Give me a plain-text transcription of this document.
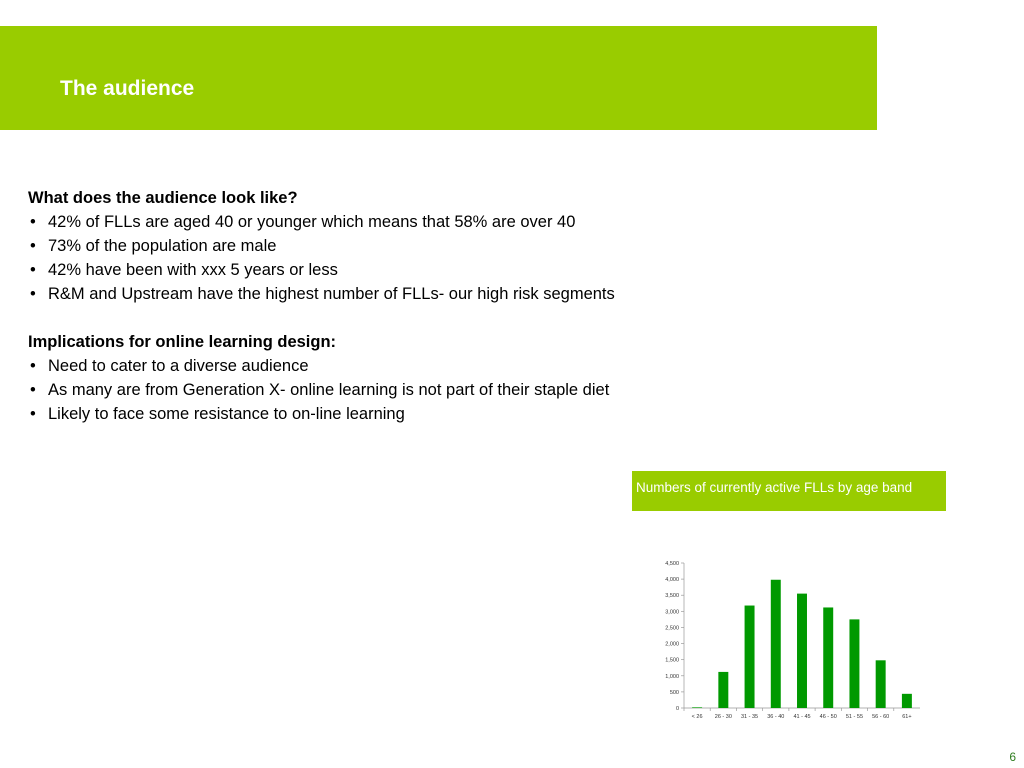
The audience
What does the audience look like?
• 42% of FLLs are aged 40 or younger which means that 58% are over 40
• 73% of the population are male
• 42% have been with xxx 5 years or less
• R&M and Upstream have the highest number of FLLs- our high risk segments
Implications for online learning design:
• Need to cater to a diverse audience
• As many are from Generation X- online learning is not part of their staple diet
• Likely to face some resistance to on-line learning
Numbers of currently active FLLs by age band
0
500
1,000
1,500
2,000
2,500
3,000
3,500
4,000
4,500
< 26 26 - 30 31 - 35 36 - 40 41 - 45 46 - 50 51 - 55 56 - 60 61+
6
